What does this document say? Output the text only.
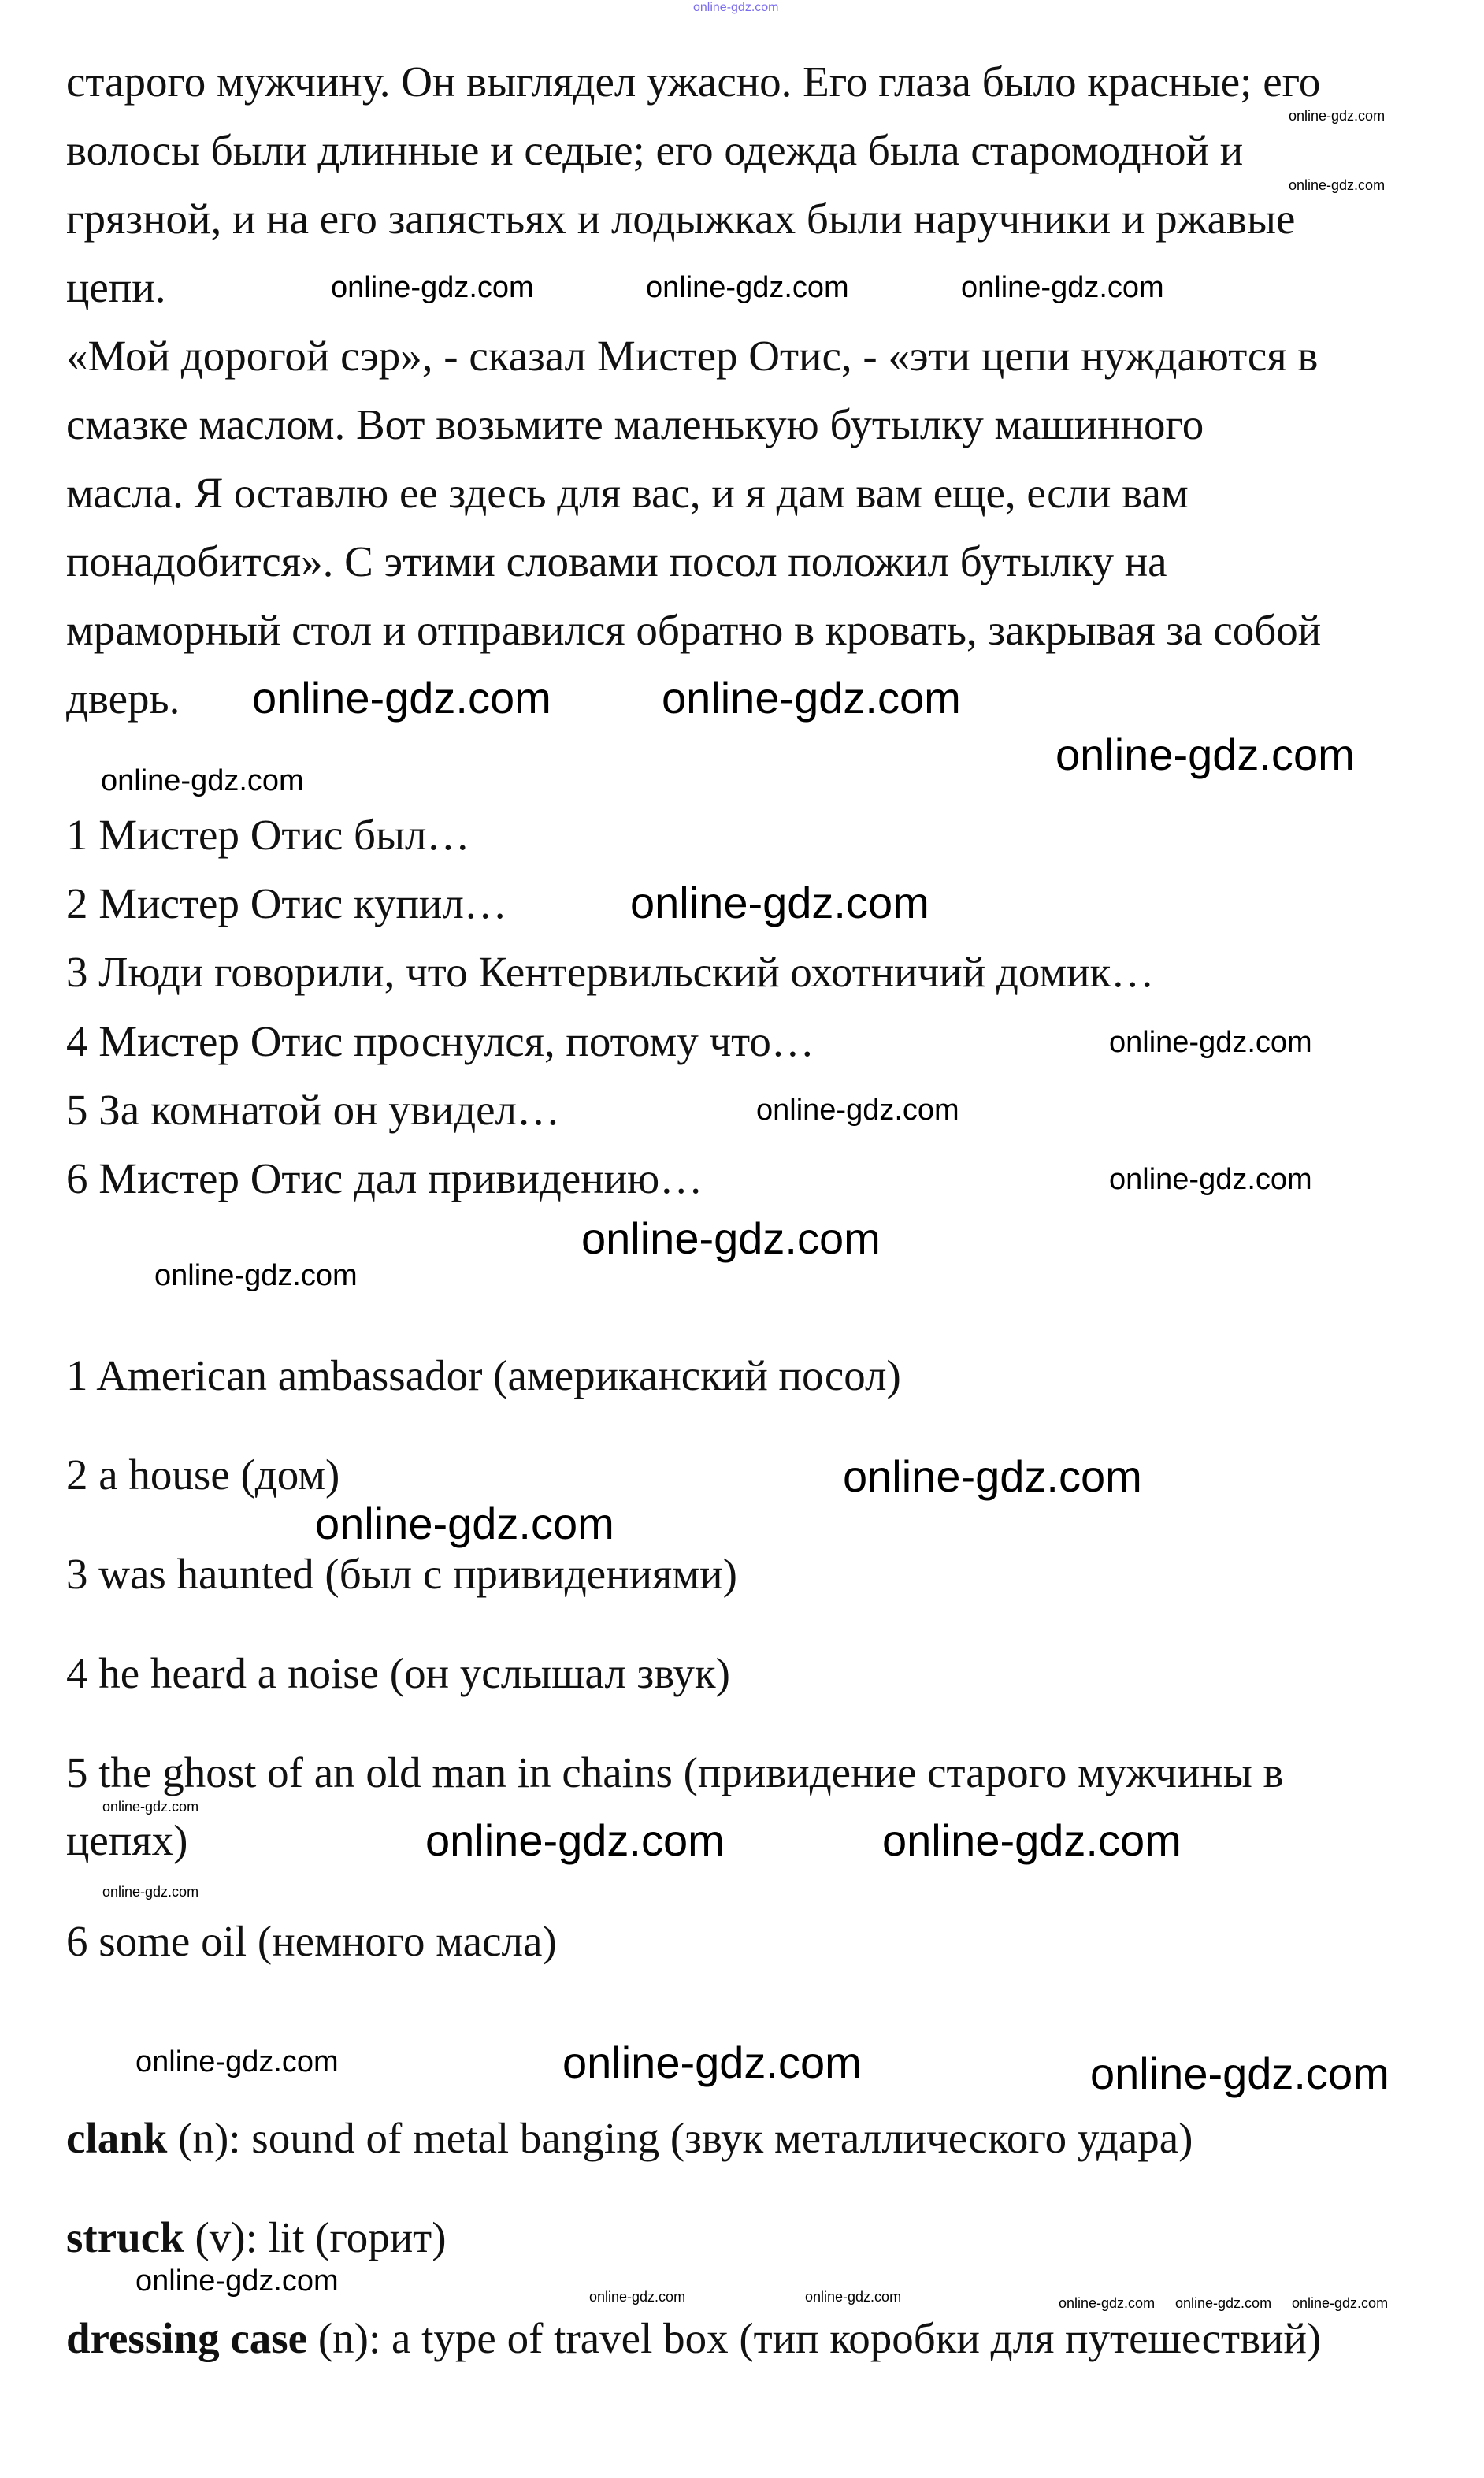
старого мужчину. Он выглядел ужасно. Его глаза было красные; его
волосы были длинные и седые; его одежда была старомодной и
грязной, и на его запястьях и лодыжках были наручники и ржавые
цепи.
«Мой дорогой сэр», - сказал Мистер Отис, - «эти цепи нуждаются в
смазке маслом. Вот возьмите маленькую бутылку машинного
масла. Я оставлю ее здесь для вас, и я дам вам еще, если вам
понадобится». С этими словами посол положил бутылку на
мраморный стол и отправился обратно в кровать, закрывая за собой
дверь.
1 Мистер Отис был…
2 Мистер Отис купил…
3 Люди говорили, что Кентервильский охотничий домик…
4 Мистер Отис проснулся, потому что…
5 За комнатой он увидел…
6 Мистер Отис дал привидению…
1 American ambassador (американский посол)
2 a house (дом)
3 was haunted (был с привидениями)
4 he heard a noise (он услышал звук)
5 the ghost of an old man in chains (привидение старого мужчины в
цепях)
6 some oil (немного масла)
clank (n): sound of metal banging (звук металлического удара)
struck (v): lit (горит)
dressing case (n): a type of travel box (тип коробки для путешествий)
online-gdz.com
online-gdz.com
online-gdz.com
online-gdz.com	online-gdz.com	online-gdz.com
online-gdz.com	online-gdz.com
online-gdz.com
online-gdz.com
online-gdz.com
online-gdz.com
online-gdz.com
online-gdz.com
online-gdz.com
online-gdz.com
online-gdz.com
online-gdz.com
online-gdz.com
online-gdz.com	online-gdz.com
online-gdz.com
online-gdz.com	online-gdz.com	online-gdz.com
online-gdz.com	online-gdz.com	online-gdz.com	online-gdz.com online-gdz.com online-gdz.com
